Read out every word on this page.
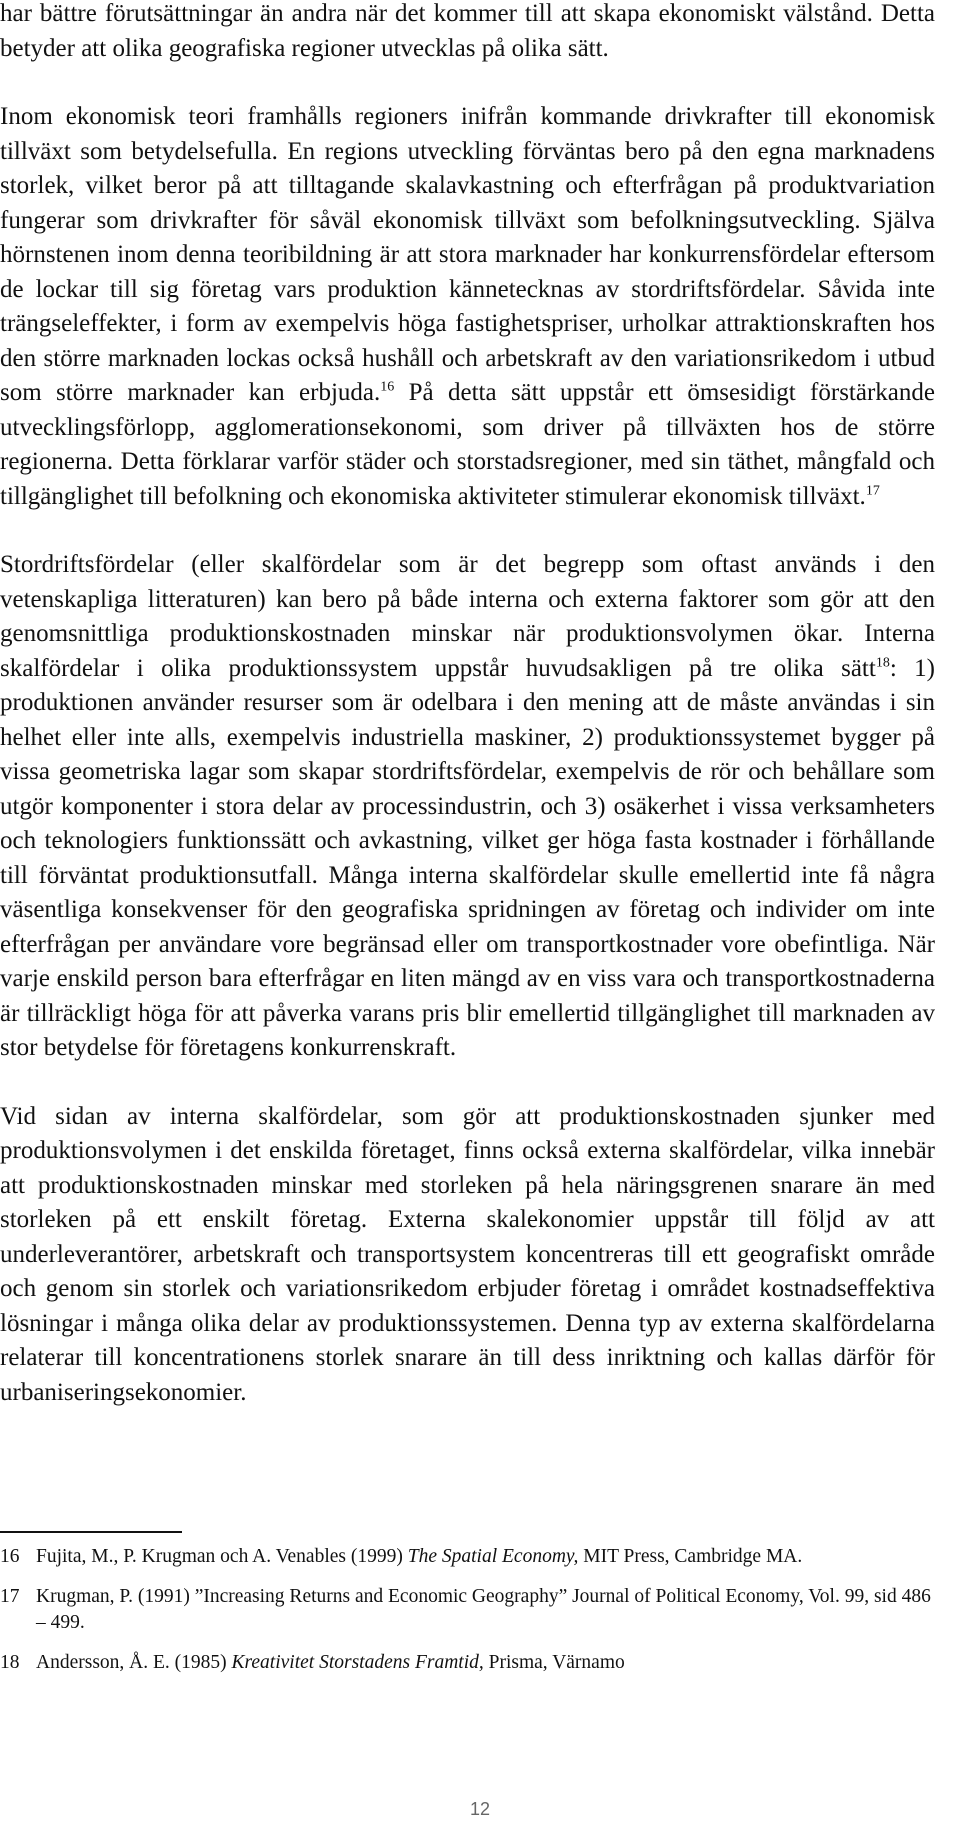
har bättre förutsättningar än andra när det kommer till att skapa ekonomiskt välstånd. Detta betyder att olika geografiska regioner utvecklas på olika sätt.

Inom ekonomisk teori framhålls regioners inifrån kommande drivkrafter till ekonomisk tillväxt som betydelsefulla. En regions utveckling förväntas bero på den egna marknadens storlek, vilket beror på att tilltagande skalavkastning och efterfrågan på produktvariation fungerar som drivkrafter för såväl ekonomisk tillväxt som befolkningsutveckling. Själva hörnstenen inom denna teoribildning är att stora marknader har konkurrensfördelar eftersom de lockar till sig företag vars produktion kännetecknas av stordriftsfördelar. Såvida inte trängseleffekter, i form av exempelvis höga fastighetspriser, urholkar attraktionskraften hos den större marknaden lockas också hushåll och arbetskraft av den variationsrikedom i utbud som större marknader kan erbjuda.$^{16}$ På detta sätt uppstår ett ömsesidigt förstärkande utvecklingsförlopp, agglomerationsekonomi, som driver på tillväxten hos de större regionerna. Detta förklarar varför städer och storstadsregioner, med sin täthet, mångfald och tillgänglighet till befolkning och ekonomiska aktiviteter stimulerar ekonomisk tillväxt.$^{17}$

Stordriftsfördelar (eller skalfördelar som är det begrepp som oftast används i den vetenskapliga litteraturen) kan bero på både interna och externa faktorer som gör att den genomsnittliga produktionskostnaden minskar när produktionsvolymen ökar. Interna skalfördelar i olika produktionssystem uppstår huvudsakligen på tre olika sätt$^{18}$: 1) produktionen använder resurser som är odelbara i den mening att de måste användas i sin helhet eller inte alls, exempelvis industriella maskiner, 2) produktionssystemet bygger på vissa geometriska lagar som skapar stordriftsfördelar, exempelvis de rör och behållare som utgör komponenter i stora delar av processindustrin, och 3) osäkerhet i vissa verksamheters och teknologiers funktionssätt och avkastning, vilket ger höga fasta kostnader i förhållande till förväntat produktionsutfall. Många interna skalfördelar skulle emellertid inte få några väsentliga konsekvenser för den geografiska spridningen av företag och individer om inte efterfrågan per användare vore begränsad eller om transportkostnader vore obefintliga. När varje enskild person bara efterfrågar en liten mängd av en viss vara och transportkostnaderna är tillräckligt höga för att påverka varans pris blir emellertid tillgänglighet till marknaden av stor betydelse för företagens konkurrenskraft.

Vid sidan av interna skalfördelar, som gör att produktionskostnaden sjunker med produktionsvolymen i det enskilda företaget, finns också externa skalfördelar, vilka innebär att produktionskostnaden minskar med storleken på hela näringsgrenen snarare än med storleken på ett enskilt företag. Externa skalekonomier uppstår till följd av att underleverantörer, arbetskraft och transportsystem koncentreras till ett geografiskt område och genom sin storlek och variationsrikedom erbjuder företag i området kostnadseffektiva lösningar i många olika delar av produktionssystemen. Denna typ av externa skalfördelarna relaterar till koncentrationens storlek snarare än till dess inriktning och kallas därför för urbaniseringsekonomier.

16 Fujita, M., P. Krugman och A. Venables (1999) The Spatial Economy, MIT Press, Cambridge MA.

17 Krugman, P. (1991) ”Increasing Returns and Economic Geography” Journal of Political Economy, Vol. 99, sid 486 – 499.

18 Andersson, Å. E. (1985) Kreativitet Storstadens Framtid, Prisma, Värnamo

12
